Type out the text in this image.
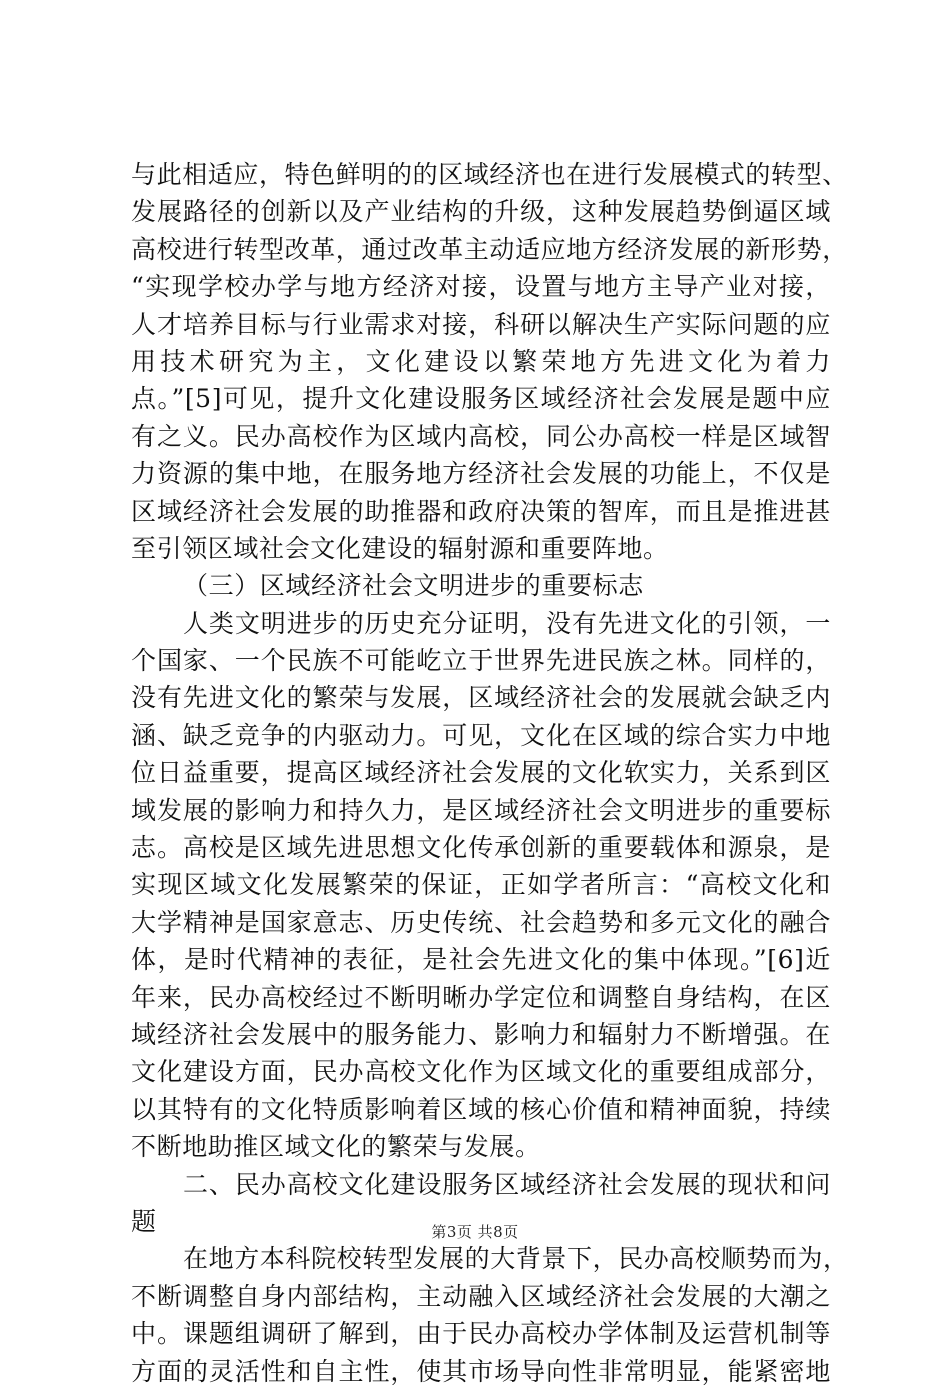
与此相适应，特色鲜明的的区域经济也在进行发展模式的转型、
发展路径的创新以及产业结构的升级，这种发展趋势倒逼区域
高校进行转型改革，通过改革主动适应地方经济发展的新形势，
“实现学校办学与地方经济对接，设置与地方主导产业对接，
人才培养目标与行业需求对接，科研以解决生产实际问题的应
用技术研究为主，文化建设以繁荣地方先进文化为着力
点。”[5]可见，提升文化建设服务区域经济社会发展是题中应
有之义。民办高校作为区域内高校，同公办高校一样是区域智
力资源的集中地，在服务地方经济社会发展的功能上，不仅是
区域经济社会发展的助推器和政府决策的智库，而且是推进甚
至引领区域社会文化建设的辐射源和重要阵地。
（三）区域经济社会文明进步的重要标志
人类文明进步的历史充分证明，没有先进文化的引领，一
个国家、一个民族不可能屹立于世界先进民族之林。同样的，
没有先进文化的繁荣与发展，区域经济社会的发展就会缺乏内
涵、缺乏竞争的内驱动力。可见，文化在区域的综合实力中地
位日益重要，提高区域经济社会发展的文化软实力，关系到区
域发展的影响力和持久力，是区域经济社会文明进步的重要标
志。高校是区域先进思想文化传承创新的重要载体和源泉，是
实现区域文化发展繁荣的保证，正如学者所言：“高校文化和
大学精神是国家意志、历史传统、社会趋势和多元文化的融合
体，是时代精神的表征，是社会先进文化的集中体现。”[6]近
年来，民办高校经过不断明晰办学定位和调整自身结构，在区
域经济社会发展中的服务能力、影响力和辐射力不断增强。在
文化建设方面，民办高校文化作为区域文化的重要组成部分，
以其特有的文化特质影响着区域的核心价值和精神面貌，持续
不断地助推区域文化的繁荣与发展。
二、民办高校文化建设服务区域经济社会发展的现状和问
题
在地方本科院校转型发展的大背景下，民办高校顺势而为，
不断调整自身内部结构，主动融入区域经济社会发展的大潮之
中。课题组调研了解到，由于民办高校办学体制及运营机制等
方面的灵活性和自主性，使其市场导向性非常明显，能紧密地
第3页 共8页
